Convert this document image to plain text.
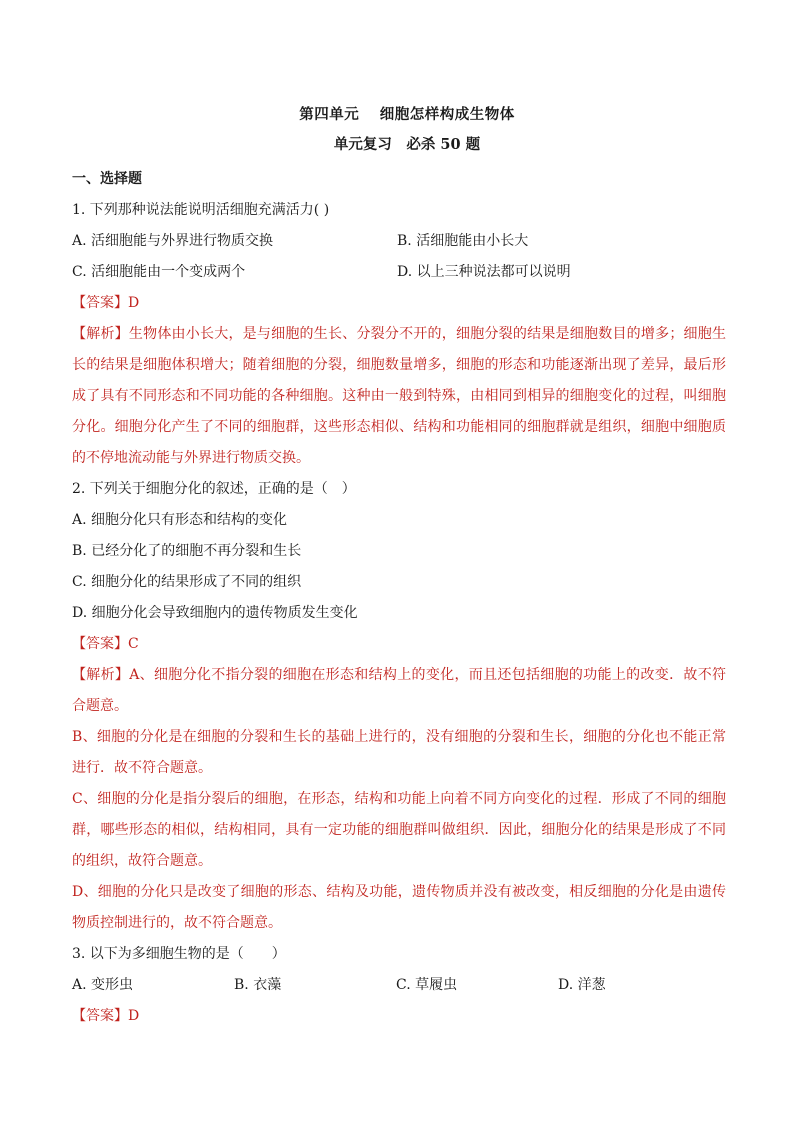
第四单元　 细胞怎样构成生物体
单元复习　必杀 50 题
一、选择题
1. 下列那种说法能说明活细胞充满活力( )
A. 活细胞能与外界进行物质交换	B. 活细胞能由小长大
C. 活细胞能由一个变成两个	D. 以上三种说法都可以说明
【答案】D
【解析】生物体由小长大，是与细胞的生长、分裂分不开的，细胞分裂的结果是细胞数目的增多；细胞生长的结果是细胞体积增大；随着细胞的分裂，细胞数量增多，细胞的形态和功能逐渐出现了差异，最后形成了具有不同形态和不同功能的各种细胞。这种由一般到特殊，由相同到相异的细胞变化的过程，叫细胞分化。细胞分化产生了不同的细胞群，这些形态相似、结构和功能相同的细胞群就是组织，细胞中细胞质的不停地流动能与外界进行物质交换。
2. 下列关于细胞分化的叙述，正确的是（　）
A. 细胞分化只有形态和结构的变化
B. 已经分化了的细胞不再分裂和生长
C. 细胞分化的结果形成了不同的组织
D. 细胞分化会导致细胞内的遗传物质发生变化
【答案】C
【解析】A、细胞分化不指分裂的细胞在形态和结构上的变化，而且还包括细胞的功能上的改变．故不符合题意。
B、细胞的分化是在细胞的分裂和生长的基础上进行的，没有细胞的分裂和生长，细胞的分化也不能正常进行．故不符合题意。
C、细胞的分化是指分裂后的细胞，在形态，结构和功能上向着不同方向变化的过程．形成了不同的细胞群，哪些形态的相似，结构相同，具有一定功能的细胞群叫做组织．因此，细胞分化的结果是形成了不同的组织，故符合题意。
D、细胞的分化只是改变了细胞的形态、结构及功能，遗传物质并没有被改变，相反细胞的分化是由遗传物质控制进行的，故不符合题意。
3. 以下为多细胞生物的是（　　）
A. 变形虫	B. 衣藻	C. 草履虫	D. 洋葱
【答案】D
